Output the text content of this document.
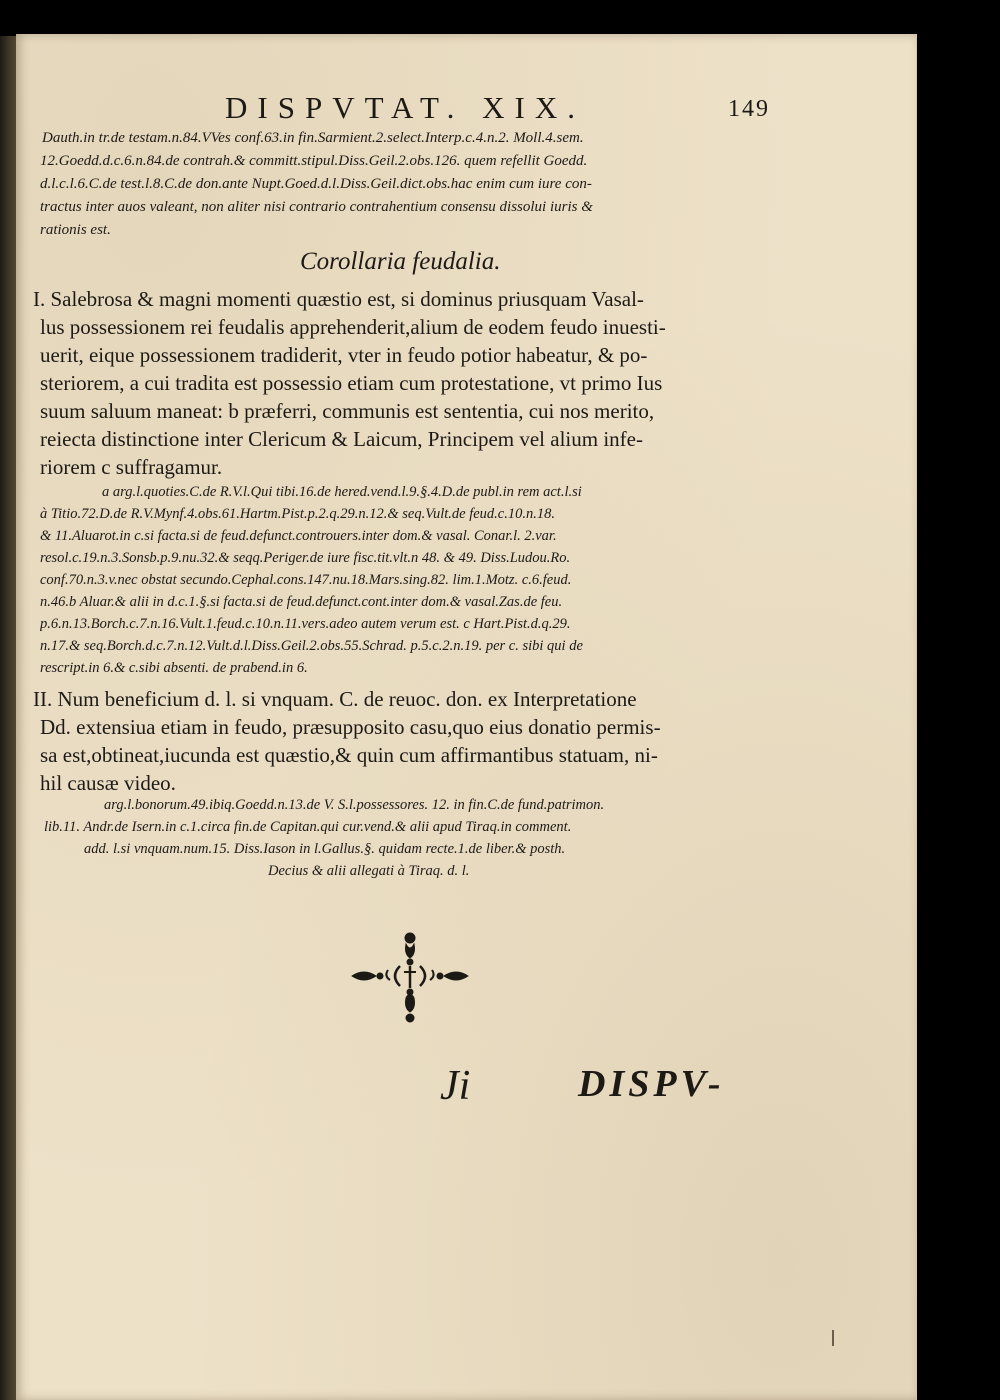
DISPVTAT. XIX.	149
Dauth.in tr.de testam.n.84.VVes conf.63.in fin.Sarmient.2.select.Interp.c.4.n.2. Moll.4.sem.
12.Goedd.d.c.6.n.84.de contrah.& committ.stipul.Diss.Geil.2.obs.126. quem refellit Goedd.
d.l.c.l.6.C.de test.l.8.C.de don.ante Nupt.Goed.d.l.Diss.Geil.dict.obs.hac enim cum iure con-
tractus inter auos valeant, non aliter nisi contrario contrahentium consensu dissolui iuris &
rationis est.
Corollaria feudalia.
I. Salebrosa & magni momenti quæstio est, si dominus priusquam Vasal-
lus possessionem rei feudalis apprehenderit,alium de eodem feudo inuesti-
uerit, eique possessionem tradiderit, vter in feudo potior habeatur, & po-
steriorem, a cui tradita est possessio etiam cum protestatione, vt primo Ius
suum saluum maneat: b præferri, communis est sententia, cui nos merito,
reiecta distinctione inter Clericum & Laicum, Principem vel alium infe-
riorem c suffragamur.
a arg.l.quoties.C.de R.V.l.Qui tibi.16.de hered.vend.l.9.§.4.D.de publ.in rem act.l.si
à Titio.72.D.de R.V.Mynf.4.obs.61.Hartm.Pist.p.2.q.29.n.12.& seq.Vult.de feud.c.10.n.18.
& 11.Aluarot.in c.si facta.si de feud.defunct.controuers.inter dom.& vasal. Conar.l. 2.var.
resol.c.19.n.3.Sonsb.p.9.nu.32.& seqq.Periger.de iure fisc.tit.vlt.n 48. & 49. Diss.Ludou.Ro.
conf.70.n.3.v.nec obstat secundo.Cephal.cons.147.nu.18.Mars.sing.82. lim.1.Motz. c.6.feud.
n.46.b Aluar.& alii in d.c.1.§.si facta.si de feud.defunct.cont.inter dom.& vasal.Zas.de feu.
p.6.n.13.Borch.c.7.n.16.Vult.1.feud.c.10.n.11.vers.adeo autem verum est. c Hart.Pist.d.q.29.
n.17.& seq.Borch.d.c.7.n.12.Vult.d.l.Diss.Geil.2.obs.55.Schrad. p.5.c.2.n.19. per c. sibi qui de
rescript.in 6.& c.sibi absenti. de prabend.in 6.
II. Num beneficium d. l. si vnquam. C. de reuoc. don. ex Interpretatione
Dd. extensiua etiam in feudo, præsupposito casu,quo eius donatio permis-
sa est,obtineat,iucunda est quæstio,& quin cum affirmantibus statuam, ni-
hil causæ video.
arg.l.bonorum.49.ibiq.Goedd.n.13.de V. S.l.possessores. 12. in fin.C.de fund.patrimon.
lib.11. Andr.de Isern.in c.1.circa fin.de Capitan.qui cur.vend.& alii apud Tiraq.in comment.
add. l.si vnquam.num.15. Diss.Iason in l.Gallus.§. quidam recte.1.de liber.& posth.
Decius & alii allegati à Tiraq. d. l.
Ji	DISPV-
